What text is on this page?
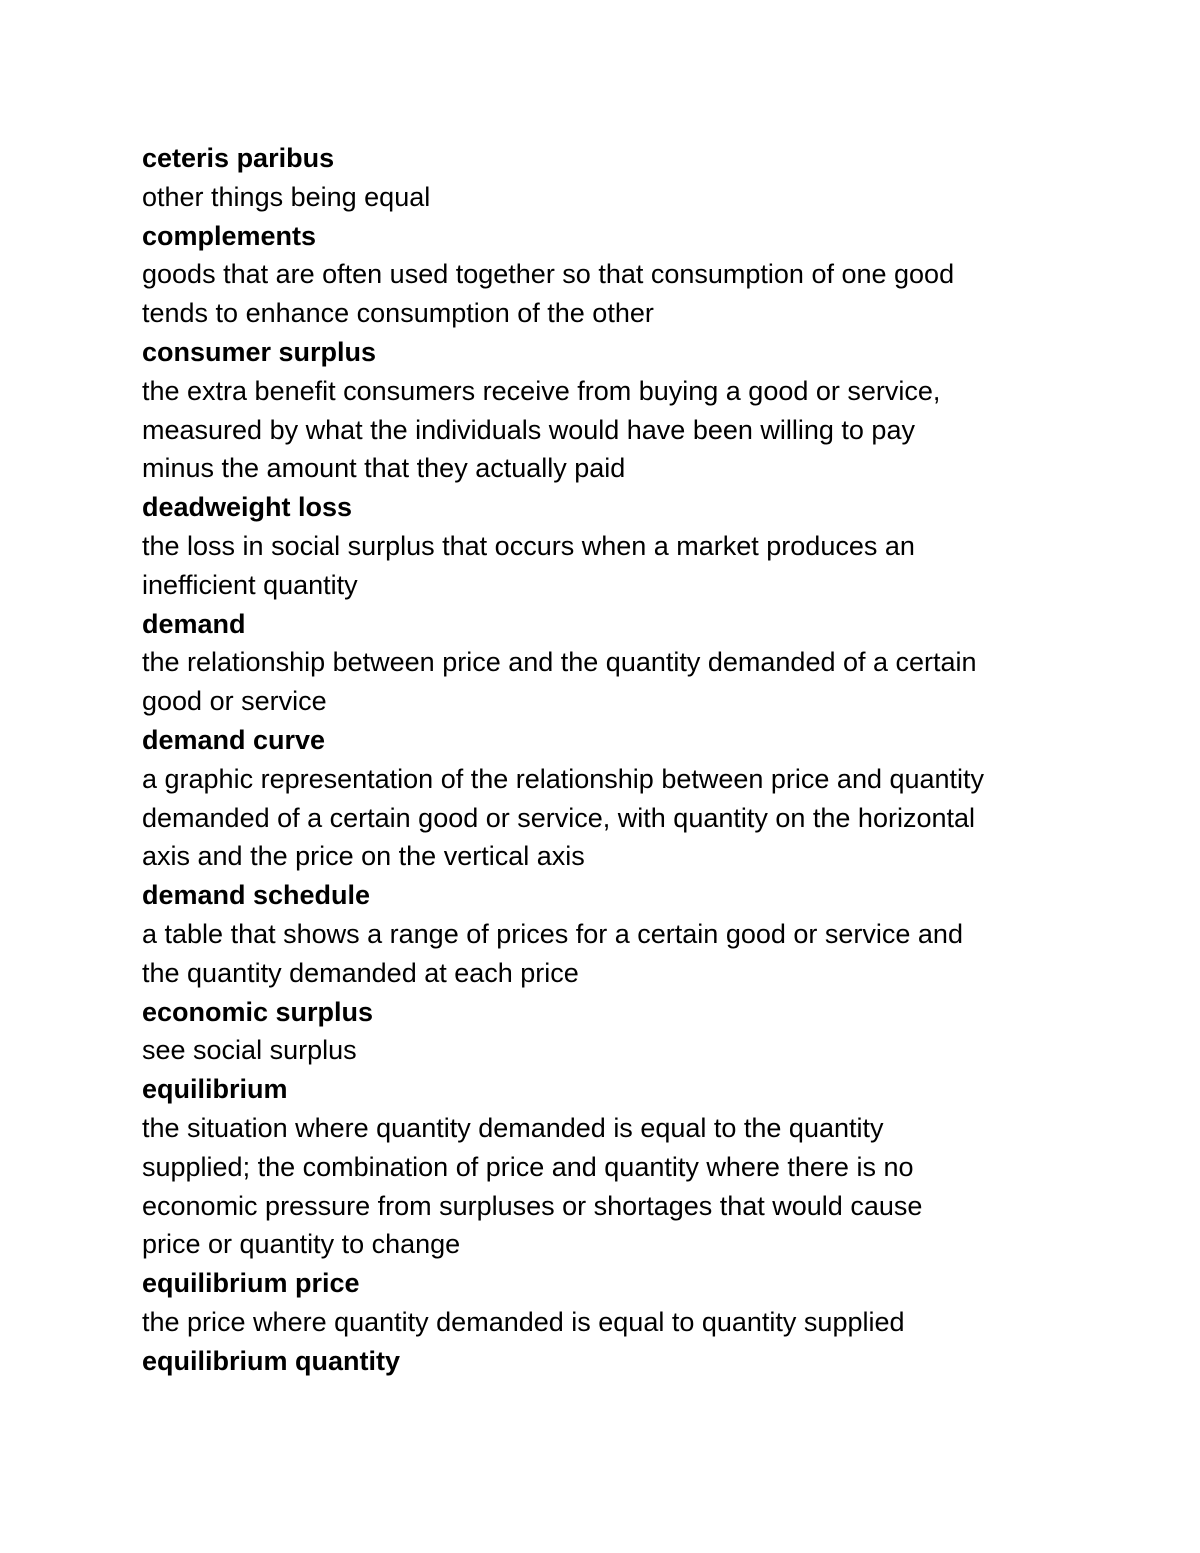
ceteris paribus
other things being equal
complements
goods that are often used together so that consumption of one good
tends to enhance consumption of the other
consumer surplus
the extra benefit consumers receive from buying a good or service,
measured by what the individuals would have been willing to pay
minus the amount that they actually paid
deadweight loss
the loss in social surplus that occurs when a market produces an
inefficient quantity
demand
the relationship between price and the quantity demanded of a certain
good or service
demand curve
a graphic representation of the relationship between price and quantity
demanded of a certain good or service, with quantity on the horizontal
axis and the price on the vertical axis
demand schedule
a table that shows a range of prices for a certain good or service and
the quantity demanded at each price
economic surplus
see social surplus
equilibrium
the situation where quantity demanded is equal to the quantity
supplied; the combination of price and quantity where there is no
economic pressure from surpluses or shortages that would cause
price or quantity to change
equilibrium price
the price where quantity demanded is equal to quantity supplied
equilibrium quantity
